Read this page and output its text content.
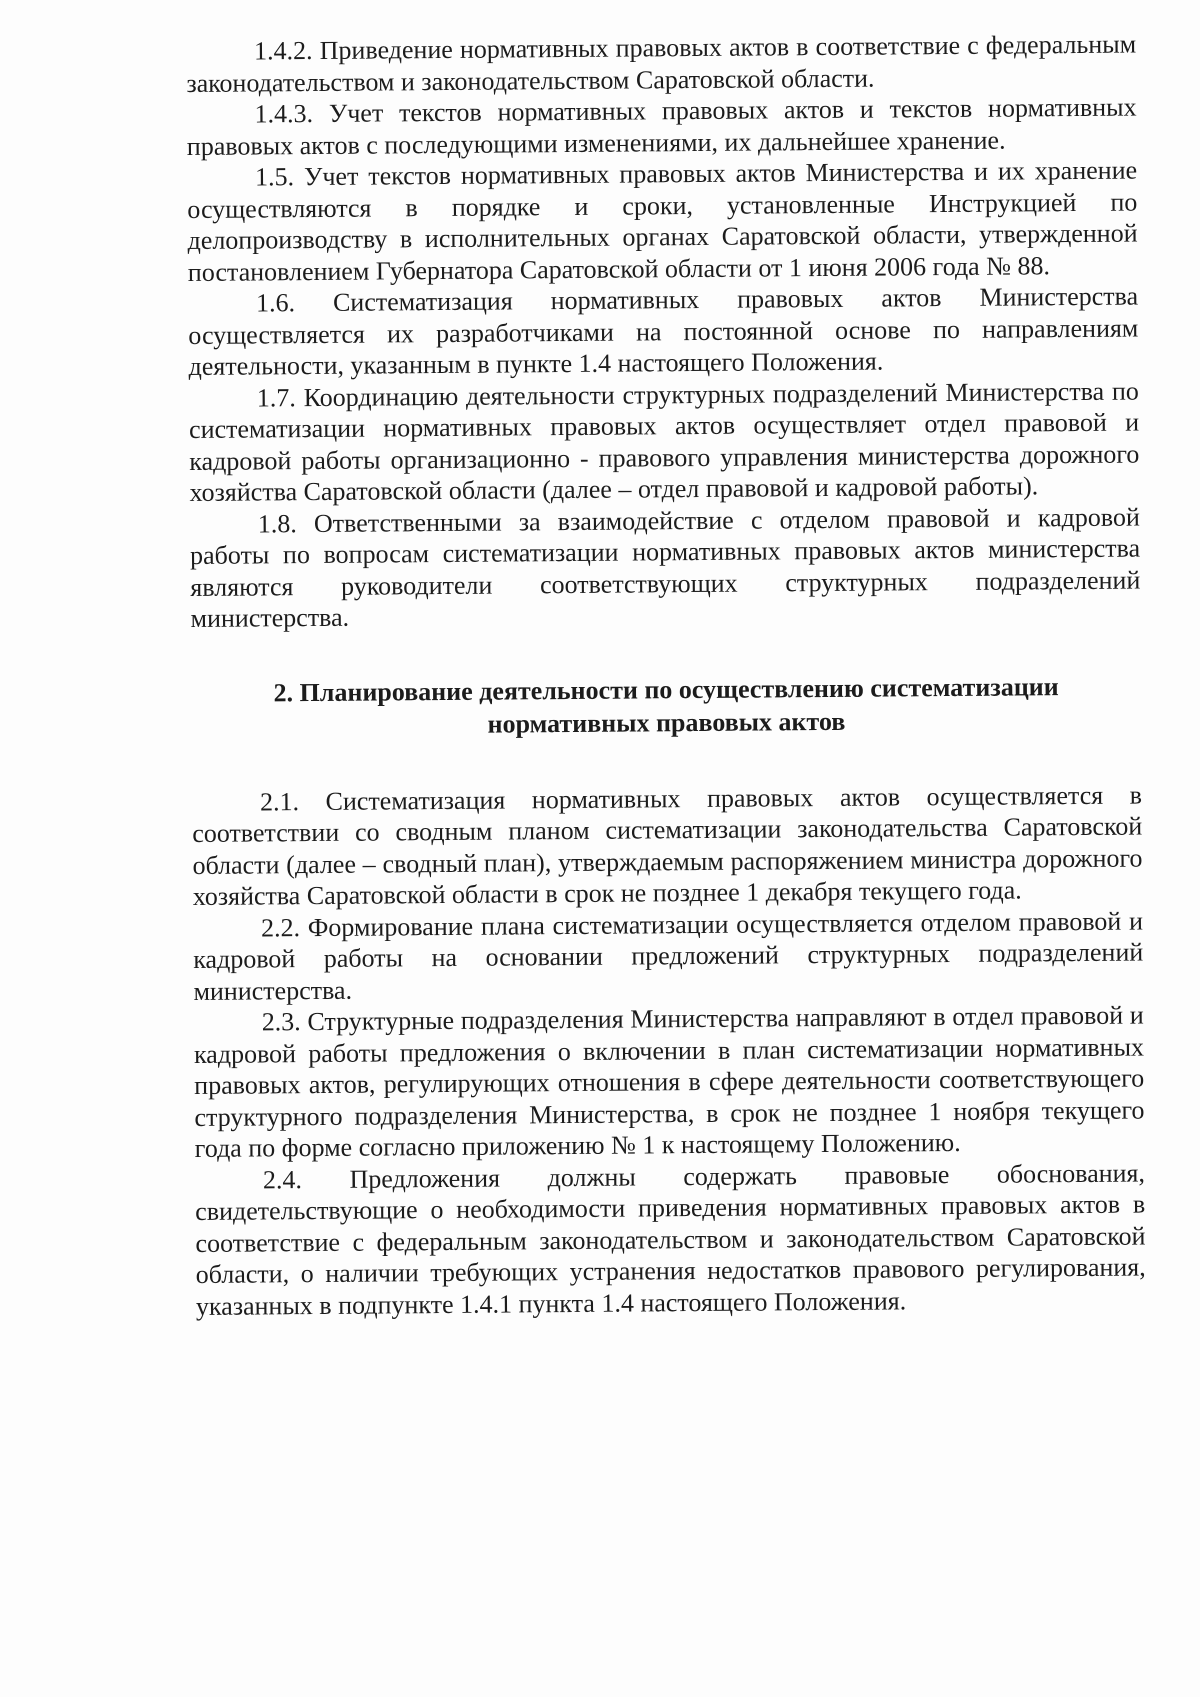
1.4.2. Приведение нормативных правовых актов в соответствие с федеральным законодательством и законодательством Саратовской области.

1.4.3. Учет текстов нормативных правовых актов и текстов нормативных правовых актов с последующими изменениями, их дальнейшее хранение.

1.5. Учет текстов нормативных правовых актов Министерства и их хранение осуществляются в порядке и сроки, установленные Инструкцией по делопроизводству в исполнительных органах Саратовской области, утвержденной постановлением Губернатора Саратовской области от 1 июня 2006 года № 88.

1.6. Систематизация нормативных правовых актов Министерства осуществляется их разработчиками на постоянной основе по направлениям деятельности, указанным в пункте 1.4 настоящего Положения.

1.7. Координацию деятельности структурных подразделений Министерства по систематизации нормативных правовых актов осуществляет отдел правовой и кадровой работы организационно - правового управления министерства дорожного хозяйства Саратовской области (далее – отдел правовой и кадровой работы).

1.8. Ответственными за взаимодействие с отделом правовой и кадровой работы по вопросам систематизации нормативных правовых актов министерства являются руководители соответствующих структурных подразделений министерства.

2. Планирование деятельности по осуществлению систематизации
нормативных правовых актов

2.1. Систематизация нормативных правовых актов осуществляется в соответствии со сводным планом систематизации законодательства Саратовской области (далее – сводный план), утверждаемым распоряжением министра дорожного хозяйства Саратовской области в срок не позднее 1 декабря текущего года.

2.2. Формирование плана систематизации осуществляется отделом правовой и кадровой работы на основании предложений структурных подразделений министерства.

2.3. Структурные подразделения Министерства направляют в отдел правовой и кадровой работы предложения о включении в план систематизации нормативных правовых актов, регулирующих отношения в сфере деятельности соответствующего структурного подразделения Министерства, в срок не позднее 1 ноября текущего года по форме согласно приложению № 1 к настоящему Положению.

2.4. Предложения должны содержать правовые обоснования, свидетельствующие о необходимости приведения нормативных правовых актов в соответствие с федеральным законодательством и законодательством Саратовской области, о наличии требующих устранения недостатков правового регулирования, указанных в подпункте 1.4.1 пункта 1.4 настоящего Положения.
